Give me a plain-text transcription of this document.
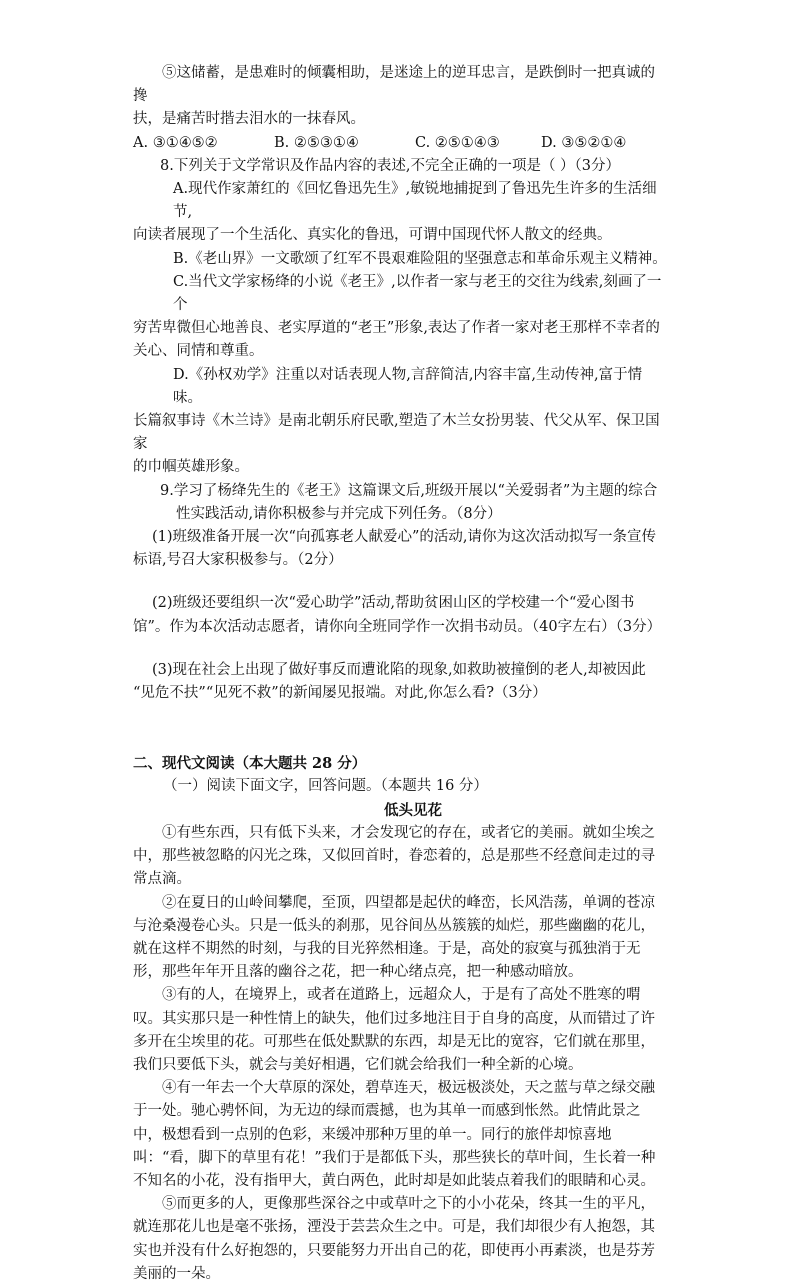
⑤这储蓄，是患难时的倾囊相助，是迷途上的逆耳忠言，是跌倒时一把真诚的搀

扶，是痛苦时揩去泪水的一抹春风。

A. ③①④⑤②	B. ②⑤③①④	C. ②⑤①④③	D. ③⑤②①④

8.下列关于文学常识及作品内容的表述,不完全正确的一项是（ ）（3分）

A.现代作家萧红的《回忆鲁迅先生》,敏锐地捕捉到了鲁迅先生许多的生活细节,

向读者展现了一个生活化、真实化的鲁迅，可谓中国现代怀人散文的经典。

B.《老山界》一文歌颂了红军不畏艰难险阻的坚强意志和革命乐观主义精神。

C.当代文学家杨绛的小说《老王》,以作者一家与老王的交往为线索,刻画了一个

穷苦卑微但心地善良、老实厚道的“老王”形象,表达了作者一家对老王那样不幸者的

关心、同情和尊重。

D.《孙权劝学》注重以对话表现人物,言辞简洁,内容丰富,生动传神,富于情味。

长篇叙事诗《木兰诗》是南北朝乐府民歌,塑造了木兰女扮男装、代父从军、保卫国家

的巾帼英雄形象。

9.学习了杨绛先生的《老王》这篇课文后,班级开展以“关爱弱者”为主题的综合

性实践活动,请你积极参与并完成下列任务。（8分）

(1)班级准备开展一次“向孤寡老人献爱心”的活动,请你为这次活动拟写一条宣传

标语,号召大家积极参与。（2分）

(2)班级还要组织一次“爱心助学”活动,帮助贫困山区的学校建一个“爱心图书

馆”。作为本次活动志愿者，请你向全班同学作一次捐书动员。（40字左右）（3分）

(3)现在社会上出现了做好事反而遭讹陷的现象,如救助被撞倒的老人,却被因此

“见危不扶”“见死不救”的新闻屡见报端。对此,你怎么看?（3分）

二、现代文阅读（本大题共 28 分）

（一）阅读下面文字，回答问题。（本题共 16 分）

低头见花

①有些东西，只有低下头来，才会发现它的存在，或者它的美丽。就如尘埃之中，那些被忽略的闪光之珠，又似回首时，眷恋着的，总是那些不经意间走过的寻常点滴。

②在夏日的山岭间攀爬，至顶，四望都是起伏的峰峦，长风浩荡，单调的苍凉与沧桑漫卷心头。只是一低头的刹那，见谷间丛丛簇簇的灿烂，那些幽幽的花儿，就在这样不期然的时刻，与我的目光猝然相逢。于是，高处的寂寞与孤独消于无形，那些年年开且落的幽谷之花，把一种心绪点亮，把一种感动暗放。

③有的人，在境界上，或者在道路上，远超众人，于是有了高处不胜寒的喟叹。其实那只是一种性情上的缺失，他们过多地注目于自身的高度，从而错过了许多开在尘埃里的花。可那些在低处默默的东西，却是无比的宽容，它们就在那里，我们只要低下头，就会与美好相遇，它们就会给我们一种全新的心境。

④有一年去一个大草原的深处，碧草连天，极远极淡处，天之蓝与草之绿交融于一处。驰心骋怀间，为无边的绿而震撼，也为其单一而感到怅然。此情此景之中，极想看到一点别的色彩，来缓冲那种万里的单一。同行的旅伴却惊喜地叫：“看，脚下的草里有花！”我们于是都低下头，那些狭长的草叶间，生长着一种不知名的小花，没有指甲大，黄白两色，此时却是如此装点着我们的眼睛和心灵。

⑤而更多的人，更像那些深谷之中或草叶之下的小小花朵，终其一生的平凡，就连那花儿也是毫不张扬，湮没于芸芸众生之中。可是，我们却很少有人抱怨，其实也并没有什么好抱怨的，只要能努力开出自己的花，即使再小再素淡，也是芬芳美丽的一朵。
